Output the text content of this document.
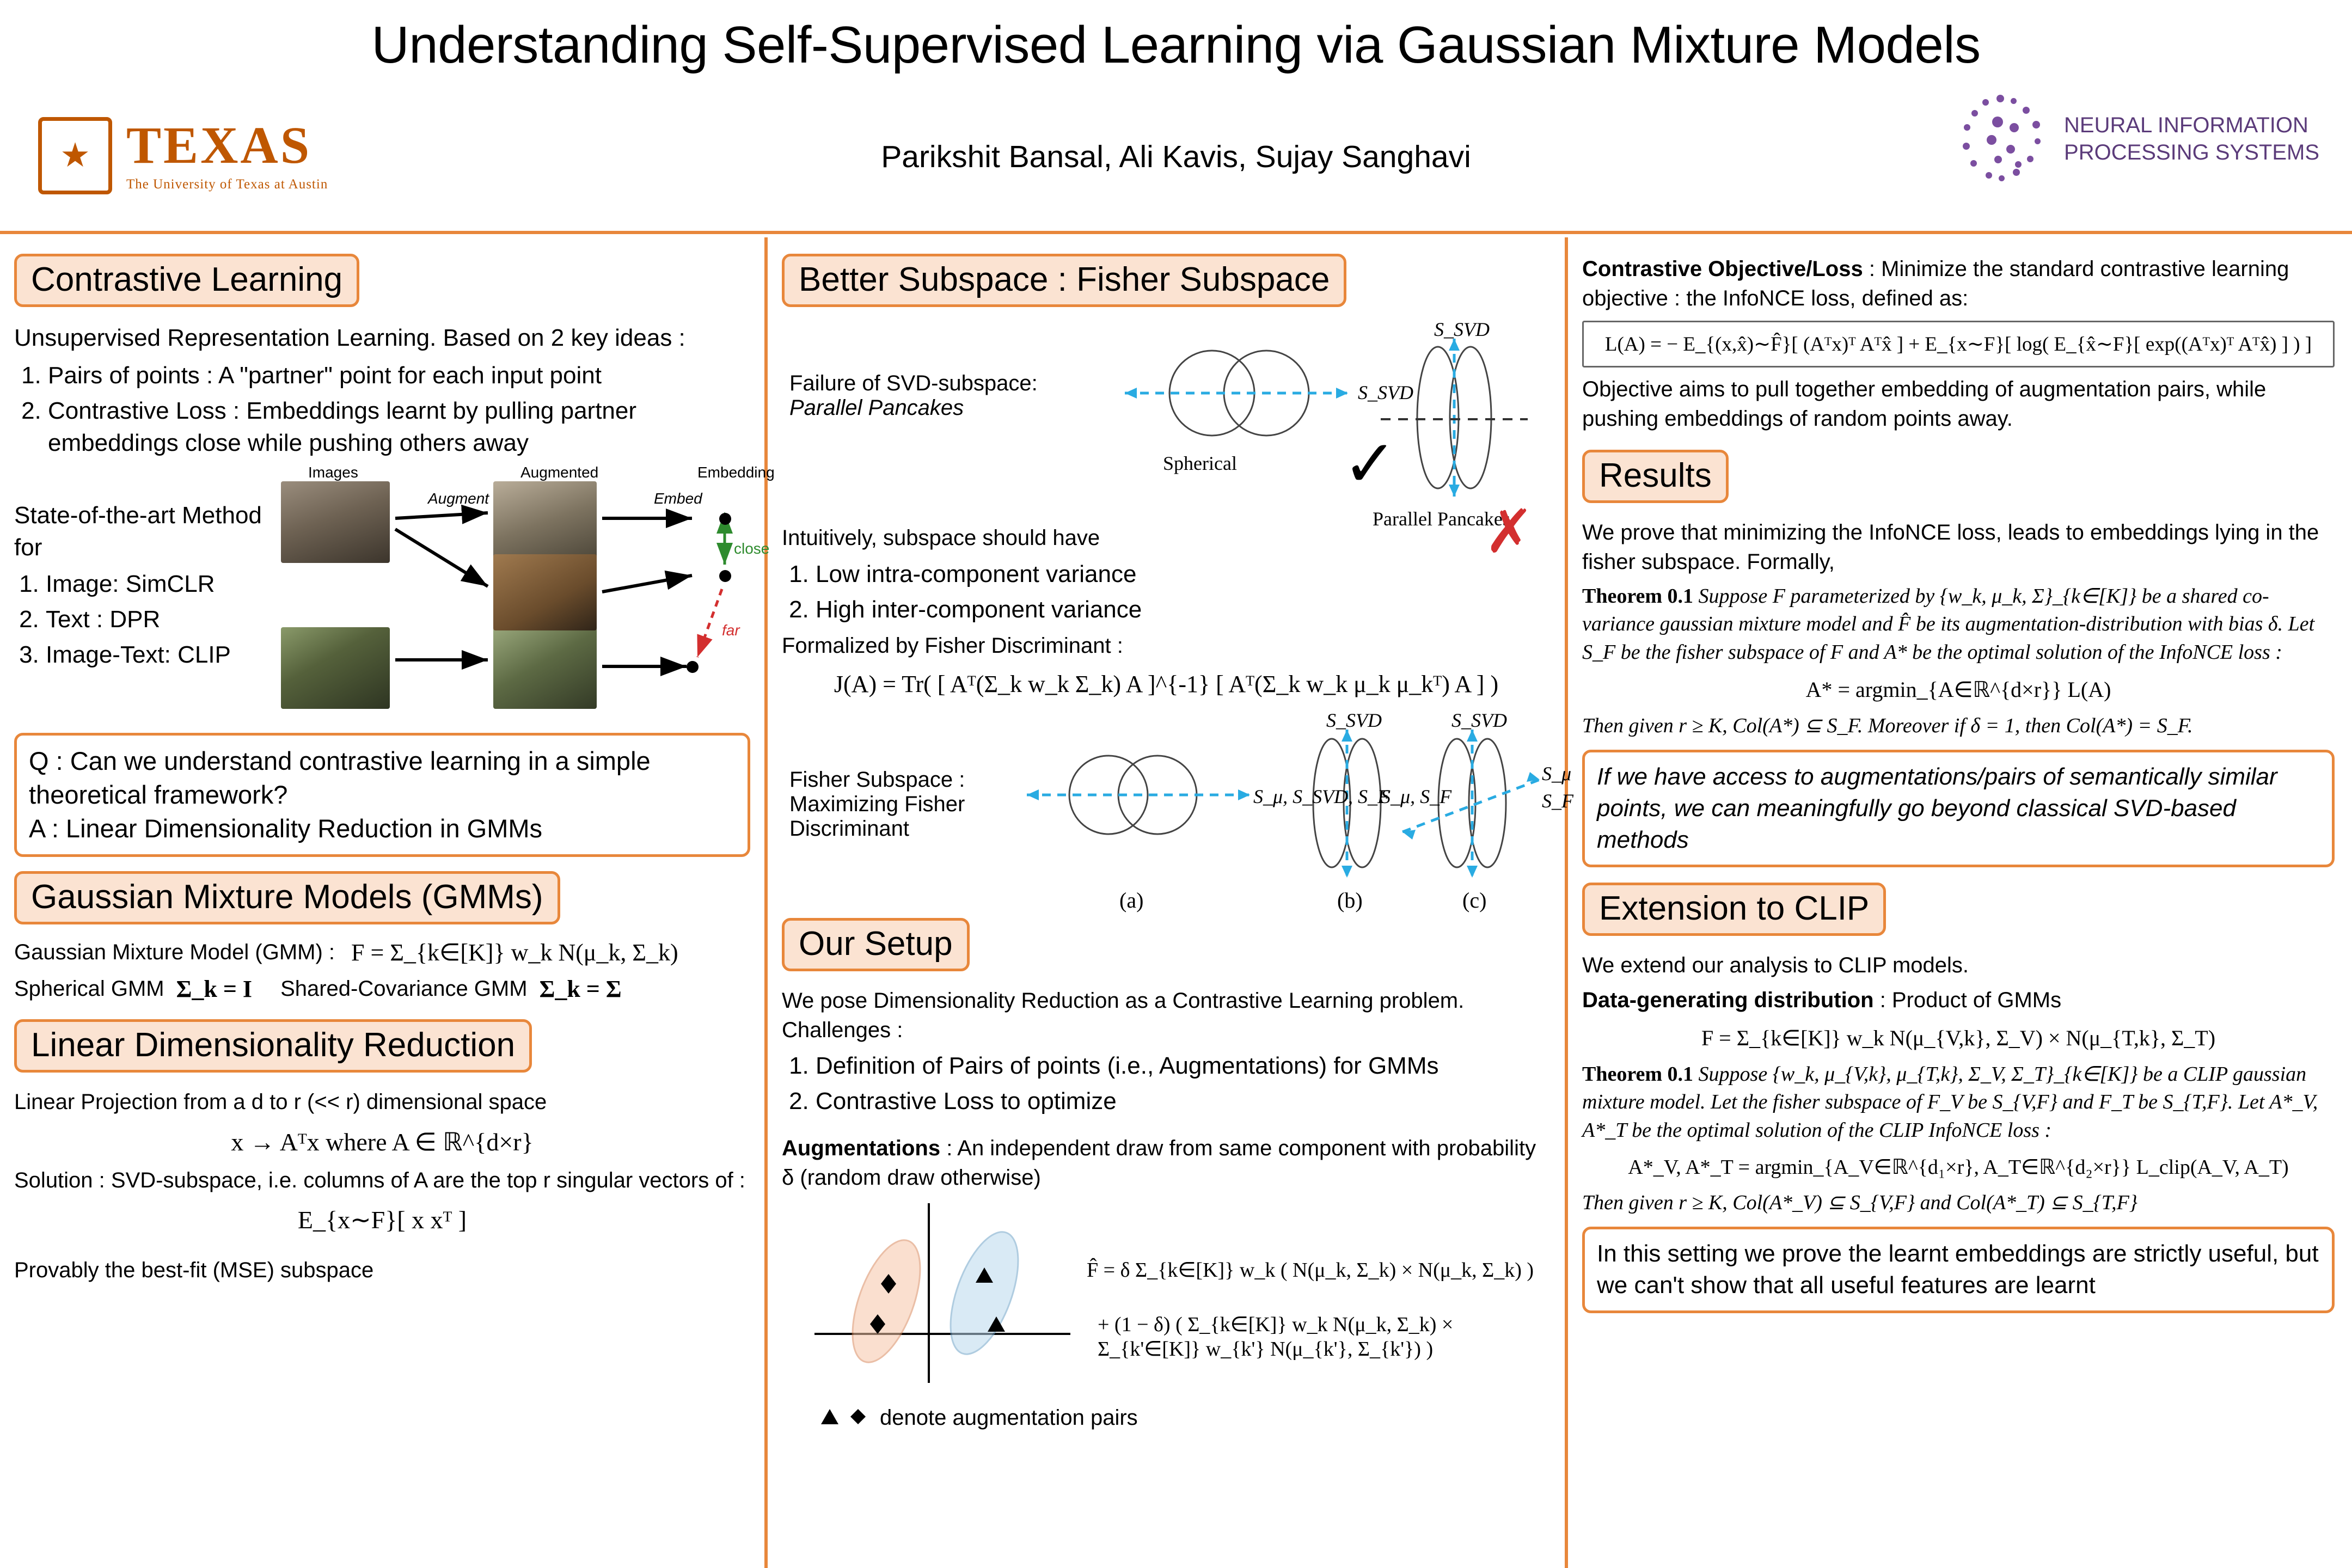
Understanding Self-Supervised Learning via Gaussian Mixture Models
Parikshit Bansal, Ali Kavis, Sujay Sanghavi
★ TEXAS
The University of Texas at Austin
NEURAL INFORMATION
PROCESSING SYSTEMS
Contrastive Learning

Unsupervised Representation Learning. Based on 2 key ideas :

1. Pairs of points : A "partner" point for each input point
2. Contrastive Loss : Embeddings learnt by pulling partner embeddings close while pushing others away
Images	Augmented	Embedding
Augment	Embed
close
far

State-of-the-art Method for

1. Image: SimCLR
2. Text : DPR
3. Image-Text: CLIP
Q : Can we understand contrastive learning in a simple theoretical framework?
A : Linear Dimensionality Reduction in GMMs
Gaussian Mixture Models (GMMs)
Gaussian Mixture Model (GMM) : F = Σ_{k∈[K]} w_k N(μ_k, Σ_k)
Spherical GMM Σ_k = I Shared-Covariance GMM Σ_k = Σ
Linear Dimensionality Reduction

Linear Projection from a d to r (<< r) dimensional space

x → Aᵀx where A ∈ ℝ^{d×r}

Solution : SVD-subspace, i.e. columns of A are the top r singular vectors of :

E_{x∼F}[ x xᵀ ]

Provably the best-fit (MSE) subspace

Better Subspace : Fisher Subspace
Failure of SVD-subspace:
Parallel Pancakes
S_SVD
S_SVD
Spherical
Parallel Pancakes
✓
✗

Intuitively, subspace should have

1. Low intra-component variance
2. High inter-component variance

Formalized by Fisher Discriminant :

J(A) = Tr( [ Aᵀ(Σ_k w_k Σ_k) A ]^{-1} [ Aᵀ(Σ_k w_k μ_k μ_kᵀ) A ] )
Fisher Subspace : Maximizing Fisher Discriminant
S_μ, S_SVD, S_F
S_SVD	S_SVD
S_μ, S_F
S_μ
S_F
(a)	(b)	(c)
Our Setup

We pose Dimensionality Reduction as a Contrastive Learning problem. Challenges :

1. Definition of Pairs of points (i.e., Augmentations) for GMMs
2. Contrastive Loss to optimize

Augmentations : An independent draw from same component with probability δ (random draw otherwise)

denote augmentation pairs
F̂ = δ Σ_{k∈[K]} w_k ( N(μ_k, Σ_k) × N(μ_k, Σ_k) )
+ (1 − δ) ( Σ_{k∈[K]} w_k N(μ_k, Σ_k) × Σ_{k'∈[K]} w_{k'} N(μ_{k'}, Σ_{k'}) )

Contrastive Objective/Loss : Minimize the standard contrastive learning objective : the InfoNCE loss, defined as:

L(A) = − E_{(x,x̂)∼F̂}[ (Aᵀx)ᵀ Aᵀx̂ ] + E_{x∼F}[ log( E_{x̂∼F}[ exp((Aᵀx)ᵀ Aᵀx̂) ] ) ]

Objective aims to pull together embedding of augmentation pairs, while pushing embeddings of random points away.

Results

We prove that minimizing the InfoNCE loss, leads to embeddings lying in the fisher subspace. Formally,

Theorem 0.1 Suppose F parameterized by {w_k, μ_k, Σ}_{k∈[K]} be a shared co-variance gaussian mixture model and F̂ be its augmentation-distribution with bias δ. Let S_F be the fisher subspace of F and A* be the optimal solution of the InfoNCE loss :

A* = argmin_{A∈ℝ^{d×r}} L(A)

Then given r ≥ K, Col(A*) ⊆ S_F. Moreover if δ = 1, then Col(A*) = S_F.

If we have access to augmentations/pairs of semantically similar points, we can meaningfully go beyond classical SVD-based methods
Extension to CLIP

We extend our analysis to CLIP models.

Data-generating distribution : Product of GMMs

F = Σ_{k∈[K]} w_k N(μ_{V,k}, Σ_V) × N(μ_{T,k}, Σ_T)

Theorem 0.1 Suppose {w_k, μ_{V,k}, μ_{T,k}, Σ_V, Σ_T}_{k∈[K]} be a CLIP gaussian mixture model. Let the fisher subspace of F_V be S_{V,F} and F_T be S_{T,F}. Let A*_V, A*_T be the optimal solution of the CLIP InfoNCE loss :

A*_V, A*_T = argmin_{A_V∈ℝ^{d₁×r}, A_T∈ℝ^{d₂×r}} L_clip(A_V, A_T)

Then given r ≥ K, Col(A*_V) ⊆ S_{V,F} and Col(A*_T) ⊆ S_{T,F}

In this setting we prove the learnt embeddings are strictly useful, but we can't show that all useful features are learnt
